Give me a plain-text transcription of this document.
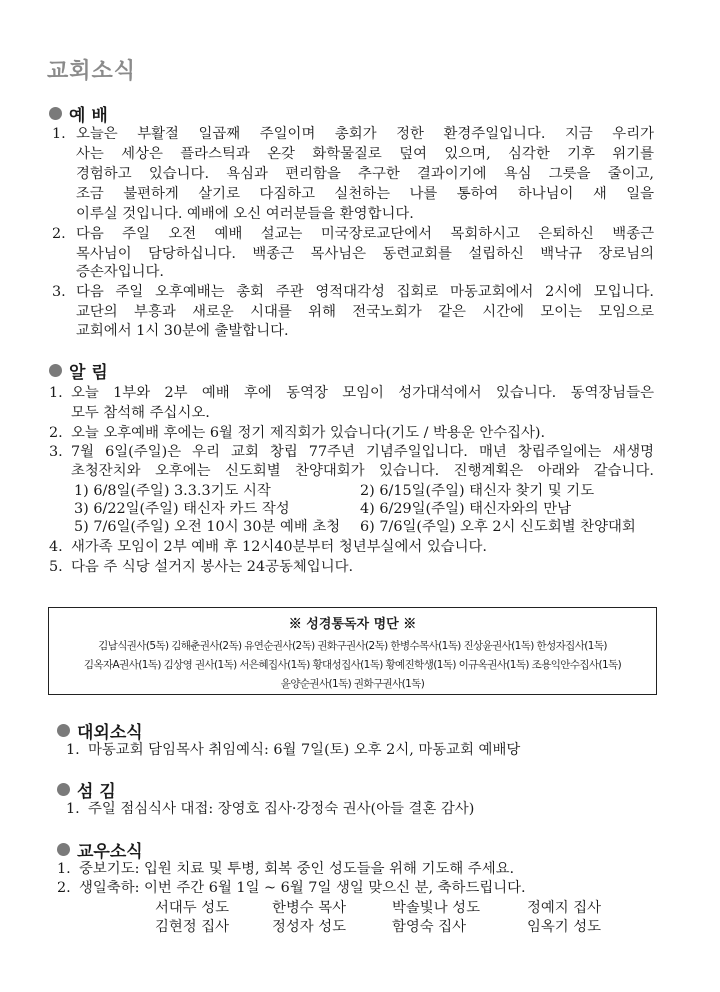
교회소식
예 배
1. 오늘은 부활절 일곱째 주일이며 총회가 정한 환경주일입니다. 지금 우리가
사는 세상은 플라스틱과 온갖 화학물질로 덮여 있으며, 심각한 기후 위기를
경험하고 있습니다. 욕심과 편리함을 추구한 결과이기에 욕심 그릇을 줄이고,
조금 불편하게 살기로 다짐하고 실천하는 나를 통하여 하나님이 새 일을
이루실 것입니다. 예배에 오신 여러분들을 환영합니다.
2. 다음 주일 오전 예배 설교는 미국장로교단에서 목회하시고 은퇴하신 백종근
목사님이 담당하십니다. 백종근 목사님은 동련교회를 설립하신 백낙규 장로님의
증손자입니다.
3. 다음 주일 오후예배는 총회 주관 영적대각성 집회로 마동교회에서 2시에 모입니다.
교단의 부흥과 새로운 시대를 위해 전국노회가 같은 시간에 모이는 모임으로
교회에서 1시 30분에 출발합니다.
알 림
1. 오늘 1부와 2부 예배 후에 동역장 모임이 성가대석에서 있습니다. 동역장님들은
모두 참석해 주십시오.
2. 오늘 오후예배 후에는 6월 정기 제직회가 있습니다(기도 / 박용운 안수집사).
3. 7월 6일(주일)은 우리 교회 창립 77주년 기념주일입니다. 매년 창립주일에는 새생명
초청잔치와 오후에는 신도회별 찬양대회가 있습니다. 진행계획은 아래와 같습니다.
1) 6/8일(주일) 3.3.3기도 시작	2) 6/15일(주일) 태신자 찾기 및 기도
3) 6/22일(주일) 태신자 카드 작성	4) 6/29일(주일) 태신자와의 만남
5) 7/6일(주일) 오전 10시 30분 예배 초청 6) 7/6일(주일) 오후 2시 신도회별 찬양대회
4. 새가족 모임이 2부 예배 후 12시40분부터 청년부실에서 있습니다.
5. 다음 주 식당 설거지 봉사는 24공동체입니다.
※ 성경통독자 명단 ※
김남식권사(5독) 김해춘권사(2독) 유연순권사(2독) 권화구권사(2독) 한병수목사(1독) 진상윤권사(1독) 한성자집사(1독)
김옥자A권사(1독) 김상영 권사(1독) 서은혜집사(1독) 황대성집사(1독) 황예진학생(1독) 이규옥권사(1독) 조용익안수집사(1독)
윤양순권사(1독) 권화구권사(1독)
대외소식
1. 마동교회 담임목사 취임예식: 6월 7일(토) 오후 2시, 마동교회 예배당
섬 김
1. 주일 점심식사 대접: 장영호 집사·강정숙 권사(아들 결혼 감사)
교우소식
1. 중보기도: 입원 치료 및 투병, 회복 중인 성도들을 위해 기도해 주세요.
2. 생일축하: 이번 주간 6월 1일 ~ 6월 7일 생일 맞으신 분, 축하드립니다.
서대두 성도	한병수 목사	박솔빛나 성도	정예지 집사
김현정 집사	정성자 성도	함영숙 집사	임옥기 성도
